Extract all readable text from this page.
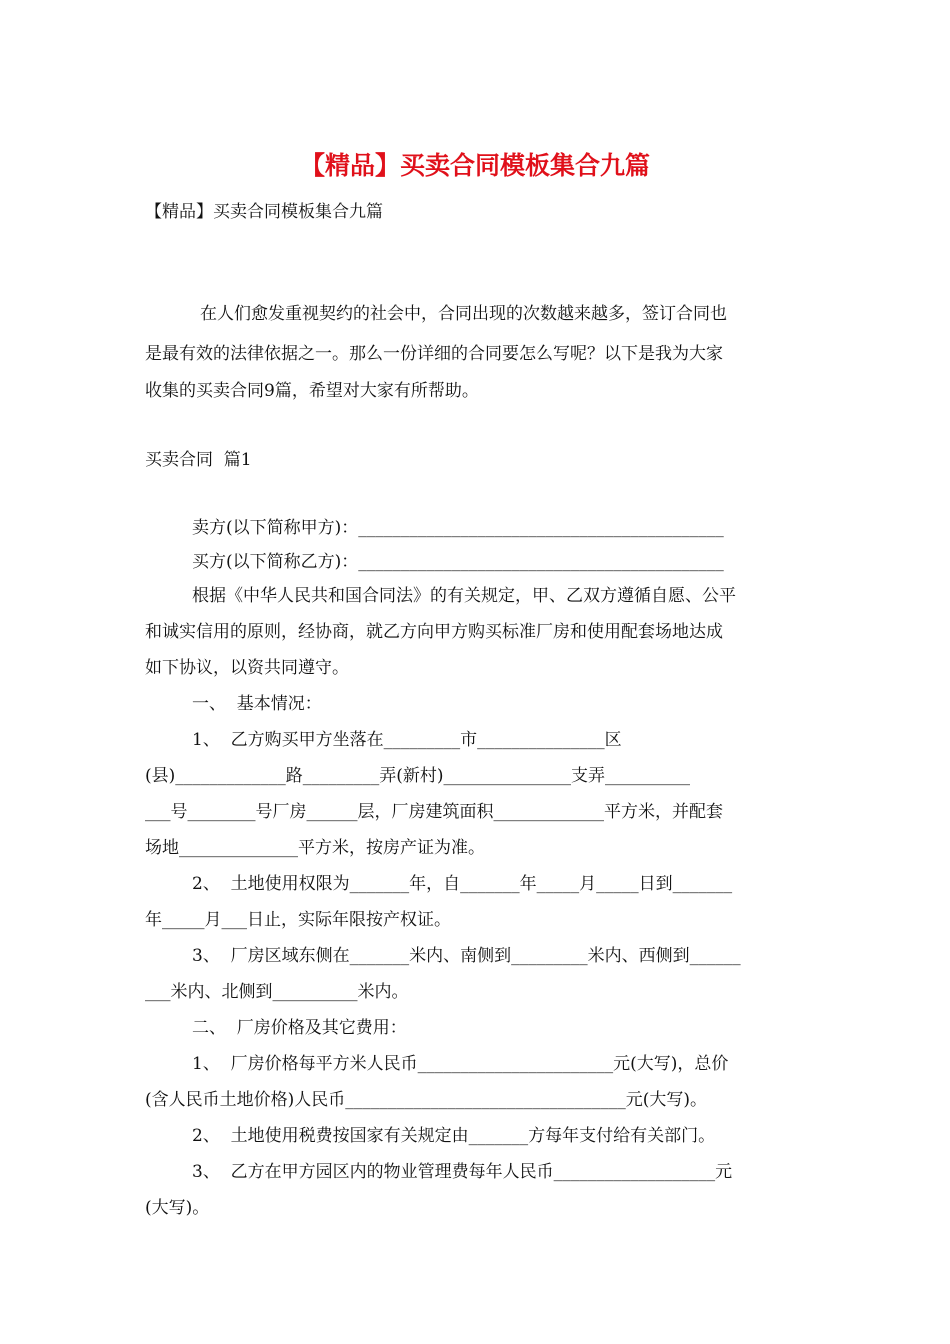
【精品】买卖合同模板集合九篇
【精品】买卖合同模板集合九篇
在人们愈发重视契约的社会中，合同出现的次数越来越多，签订合同也
是最有效的法律依据之一。那么一份详细的合同要怎么写呢？以下是我为大家
收集的买卖合同9篇，希望对大家有所帮助。
买卖合同  篇1
卖方(以下简称甲方)：___________________________________________
买方(以下简称乙方)：___________________________________________
根据《中华人民共和国合同法》的有关规定，甲、乙双方遵循自愿、公平
和诚实信用的原则，经协商，就乙方向甲方购买标准厂房和使用配套场地达成
如下协议，以资共同遵守。
一、  基本情况：
1、  乙方购买甲方坐落在_________市_______________区
(县)_____________路_________弄(新村)_______________支弄__________
___号________号厂房______层，厂房建筑面积_____________平方米，并配套
场地______________平方米，按房产证为准。
2、  土地使用权限为_______年，自_______年_____月_____日到_______
年_____月___日止，实际年限按产权证。
3、  厂房区域东侧在_______米内、南侧到_________米内、西侧到______
___米内、北侧到__________米内。
二、  厂房价格及其它费用：
1、  厂房价格每平方米人民币_______________________元(大写)，总价
(含人民币土地价格)人民币_________________________________元(大写)。
2、  土地使用税费按国家有关规定由_______方每年支付给有关部门。
3、  乙方在甲方园区内的物业管理费每年人民币___________________元
(大写)。
